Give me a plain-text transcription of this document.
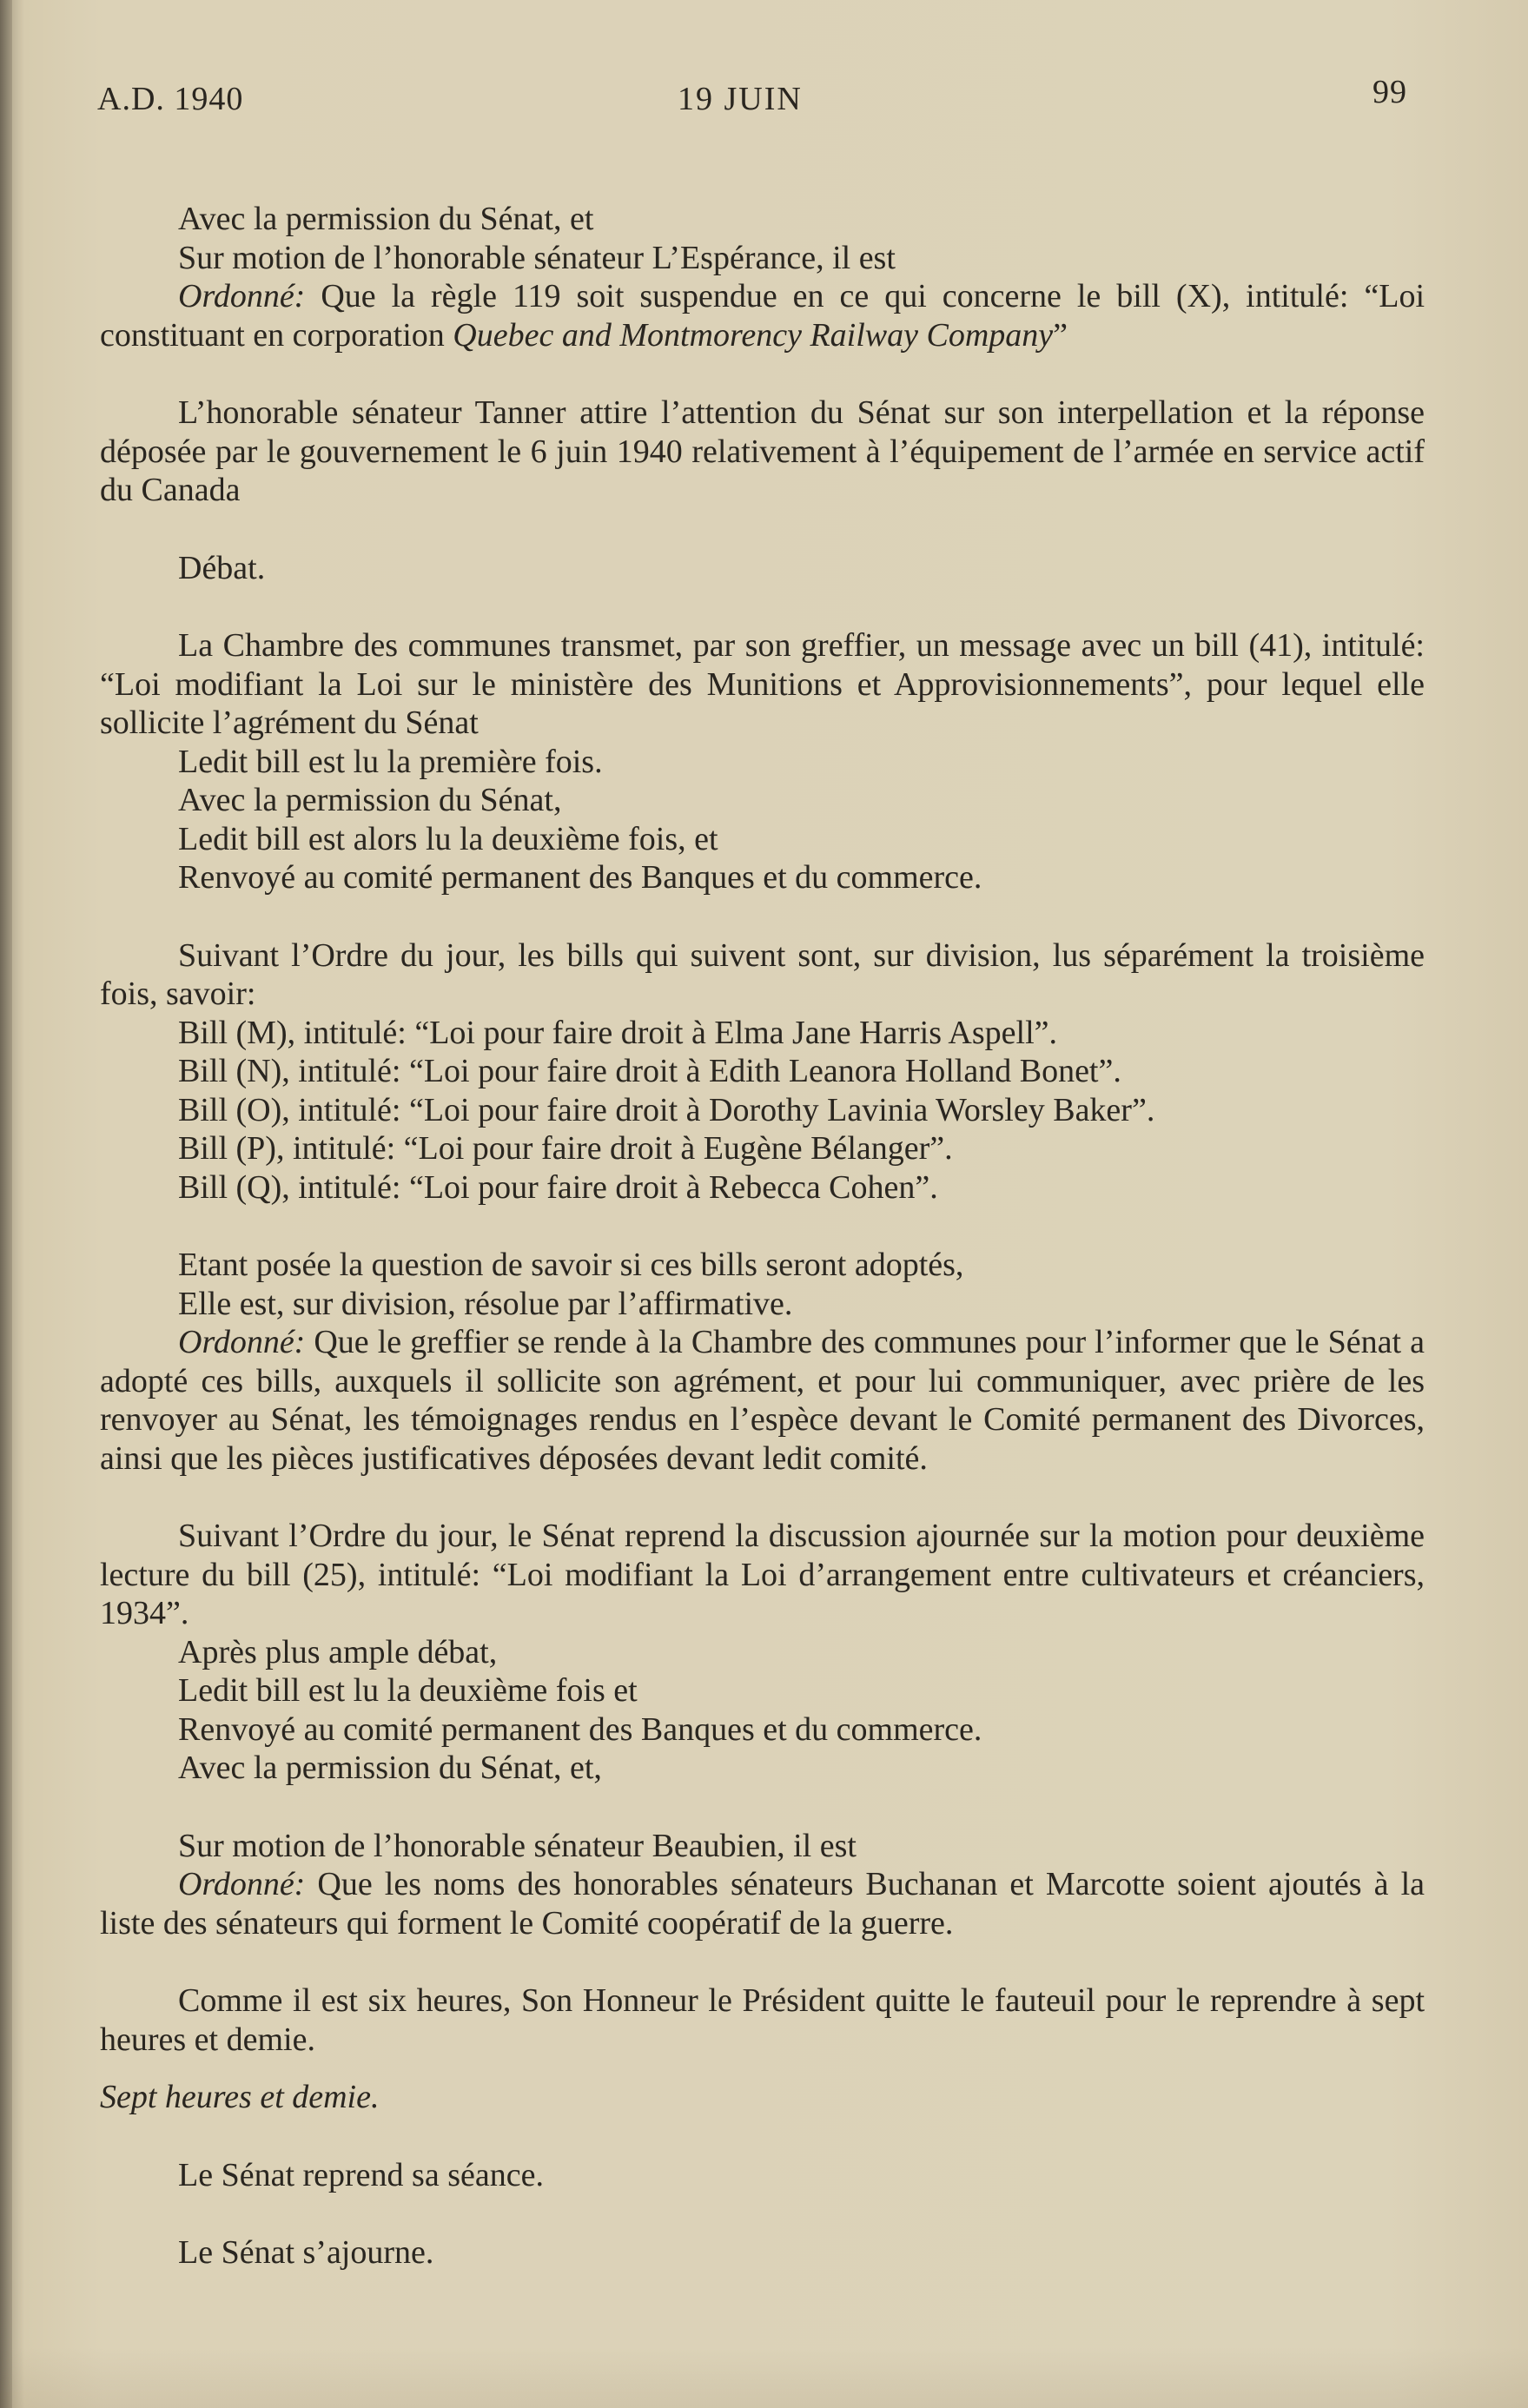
A.D. 1940	19 JUIN	99

Avec la permission du Sénat, et

Sur motion de l’honorable sénateur L’Espérance, il est

Ordonné: Que la règle 119 soit suspendue en ce qui concerne le bill (X), intitulé: “Loi constituant en corporation Quebec and Montmorency Railway Company”

L’honorable sénateur Tanner attire l’attention du Sénat sur son interpellation et la réponse déposée par le gouvernement le 6 juin 1940 relativement à l’équipement de l’armée en service actif du Canada

Débat.

La Chambre des communes transmet, par son greffier, un message avec un bill (41), intitulé: “Loi modifiant la Loi sur le ministère des Munitions et Approvisionnements”, pour lequel elle sollicite l’agrément du Sénat

Ledit bill est lu la première fois.

Avec la permission du Sénat,

Ledit bill est alors lu la deuxième fois, et

Renvoyé au comité permanent des Banques et du commerce.

Suivant l’Ordre du jour, les bills qui suivent sont, sur division, lus séparément la troisième fois, savoir:

Bill (M), intitulé: “Loi pour faire droit à Elma Jane Harris Aspell”.

Bill (N), intitulé: “Loi pour faire droit à Edith Leanora Holland Bonet”.

Bill (O), intitulé: “Loi pour faire droit à Dorothy Lavinia Worsley Baker”.

Bill (P), intitulé: “Loi pour faire droit à Eugène Bélanger”.

Bill (Q), intitulé: “Loi pour faire droit à Rebecca Cohen”.

Etant posée la question de savoir si ces bills seront adoptés,

Elle est, sur division, résolue par l’affirmative.

Ordonné: Que le greffier se rende à la Chambre des communes pour l’informer que le Sénat a adopté ces bills, auxquels il sollicite son agrément, et pour lui communiquer, avec prière de les renvoyer au Sénat, les témoignages rendus en l’espèce devant le Comité permanent des Divorces, ainsi que les pièces justificatives déposées devant ledit comité.

Suivant l’Ordre du jour, le Sénat reprend la discussion ajournée sur la motion pour deuxième lecture du bill (25), intitulé: “Loi modifiant la Loi d’arrangement entre cultivateurs et créanciers, 1934”.

Après plus ample débat,

Ledit bill est lu la deuxième fois et

Renvoyé au comité permanent des Banques et du commerce.

Avec la permission du Sénat, et,

Sur motion de l’honorable sénateur Beaubien, il est

Ordonné: Que les noms des honorables sénateurs Buchanan et Marcotte soient ajoutés à la liste des sénateurs qui forment le Comité coopératif de la guerre.

Comme il est six heures, Son Honneur le Président quitte le fauteuil pour le reprendre à sept heures et demie.

Sept heures et demie.

Le Sénat reprend sa séance.

Le Sénat s’ajourne.
